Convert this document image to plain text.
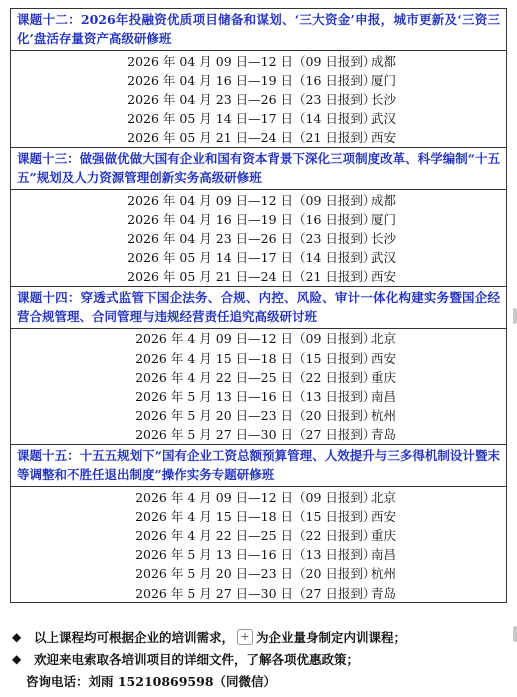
课题十二：2026年投融资优质项目储备和谋划、‘三大资金’申报，城市更新及‘三资三化’盘活存量资产高级研修班
2026 年 04 月 09 日—12 日 （09 日报到）
成都
2026 年 04 月 16 日—19 日 （16 日报到）
厦门
2026 年 04 月 23 日—26 日 （23 日报到）
长沙
2026 年 05 月 14 日—17 日 （14 日报到）
武汉
2026 年 05 月 21 日—24 日 （21 日报到）
西安
课题十三：做强做优做大国有企业和国有资本背景下深化三项制度改革、科学编制“十五五”规划及人力资源管理创新实务高级研修班
2026 年 04 月 09 日—12 日 （09 日报到）
成都
2026 年 04 月 16 日—19 日 （16 日报到）
厦门
2026 年 04 月 23 日—26 日 （23 日报到）
长沙
2026 年 05 月 14 日—17 日 （14 日报到）
武汉
2026 年 05 月 21 日—24 日 （21 日报到）
西安
课题十四：穿透式监管下国企法务、合规、内控、风险、审计一体化构建实务暨国企经营合规管理、合同管理与违规经营责任追究高级研讨班
2026 年 4 月 09 日—12 日 （09 日报到）
北京
2026 年 4 月 15 日—18 日 （15 日报到）
西安
2026 年 4 月 22 日—25 日 （22 日报到）
重庆
2026 年 5 月 13 日—16 日 （13 日报到）
南昌
2026 年 5 月 20 日—23 日 （20 日报到）
杭州
2026 年 5 月 27 日—30 日 （27 日报到）
青岛
课题十五：十五五规划下“国有企业工资总额预算管理、人效提升与三多得机制设计暨末等调整和不胜任退出制度”操作实务专题研修班
2026 年 4 月 09 日—12 日 （09 日报到）
北京
2026 年 4 月 15 日—18 日 （15 日报到）
西安
2026 年 4 月 22 日—25 日 （22 日报到）
重庆
2026 年 5 月 13 日—16 日 （13 日报到）
南昌
2026 年 5 月 20 日—23 日 （20 日报到）
杭州
2026 年 5 月 27 日—30 日 （27 日报到）
青岛
◆	以上课程均可根据企业的培训需求， + 为企业量身制定内训课程；
◆	欢迎来电索取各培训项目的详细文件，了解各项优惠政策；
咨询电话：刘雨 15210869598（同微信）
